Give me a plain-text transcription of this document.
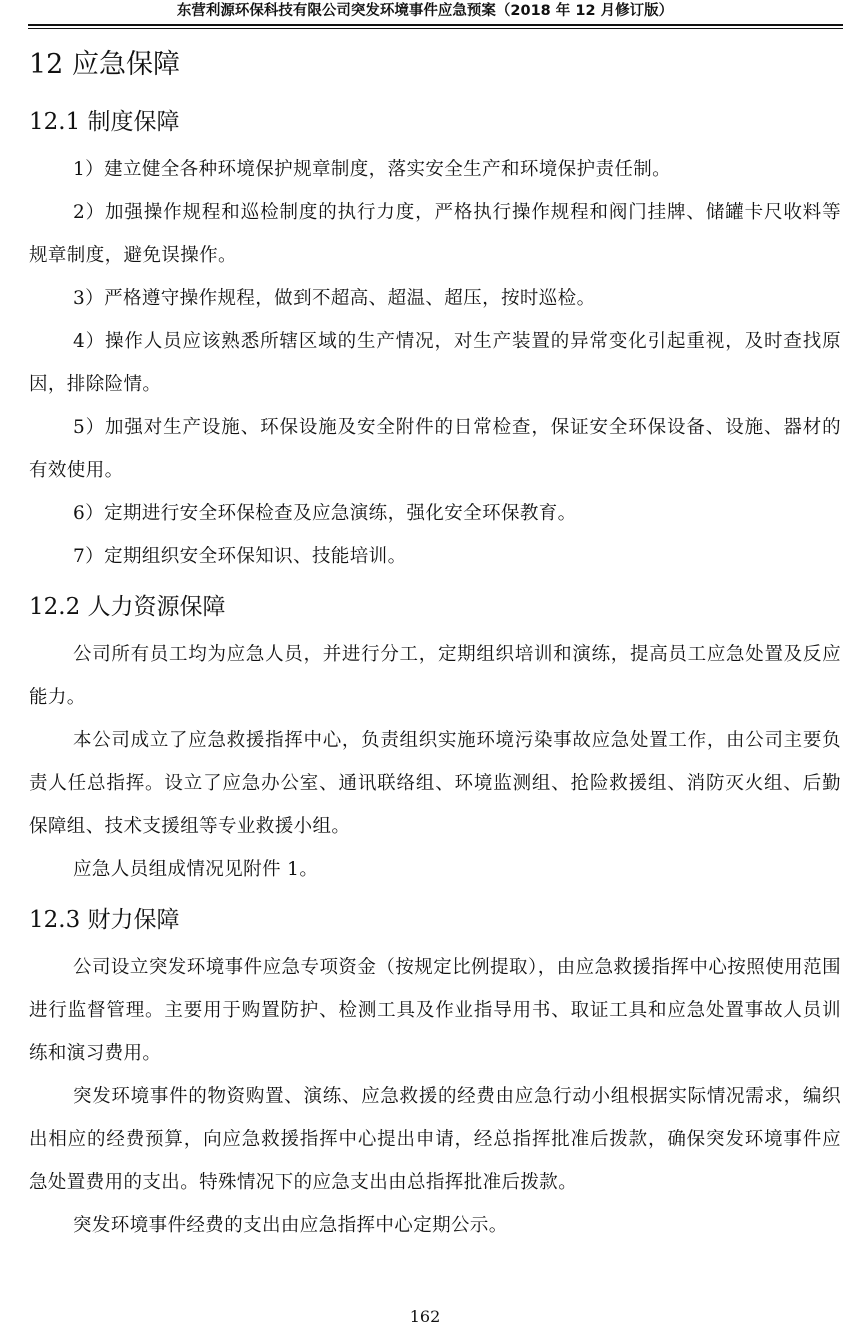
东营利源环保科技有限公司突发环境事件应急预案（2018 年 12 月修订版）
12 应急保障
12.1 制度保障

1）建立健全各种环境保护规章制度，落实安全生产和环境保护责任制。

2）加强操作规程和巡检制度的执行力度，严格执行操作规程和阀门挂牌、储罐卡尺收料等规章制度，避免误操作。

3）严格遵守操作规程，做到不超高、超温、超压，按时巡检。

4）操作人员应该熟悉所辖区域的生产情况，对生产装置的异常变化引起重视，及时查找原因，排除险情。

5）加强对生产设施、环保设施及安全附件的日常检查，保证安全环保设备、设施、器材的有效使用。

6）定期进行安全环保检查及应急演练，强化安全环保教育。

7）定期组织安全环保知识、技能培训。

12.2 人力资源保障

公司所有员工均为应急人员，并进行分工，定期组织培训和演练，提高员工应急处置及反应能力。

本公司成立了应急救援指挥中心，负责组织实施环境污染事故应急处置工作，由公司主要负责人任总指挥。设立了应急办公室、通讯联络组、环境监测组、抢险救援组、消防灭火组、后勤保障组、技术支援组等专业救援小组。

应急人员组成情况见附件 1。

12.3 财力保障

公司设立突发环境事件应急专项资金（按规定比例提取），由应急救援指挥中心按照使用范围进行监督管理。主要用于购置防护、检测工具及作业指导用书、取证工具和应急处置事故人员训练和演习费用。

突发环境事件的物资购置、演练、应急救援的经费由应急行动小组根据实际情况需求，编织出相应的经费预算，向应急救援指挥中心提出申请，经总指挥批准后拨款，确保突发环境事件应急处置费用的支出。特殊情况下的应急支出由总指挥批准后拨款。

突发环境事件经费的支出由应急指挥中心定期公示。

162
